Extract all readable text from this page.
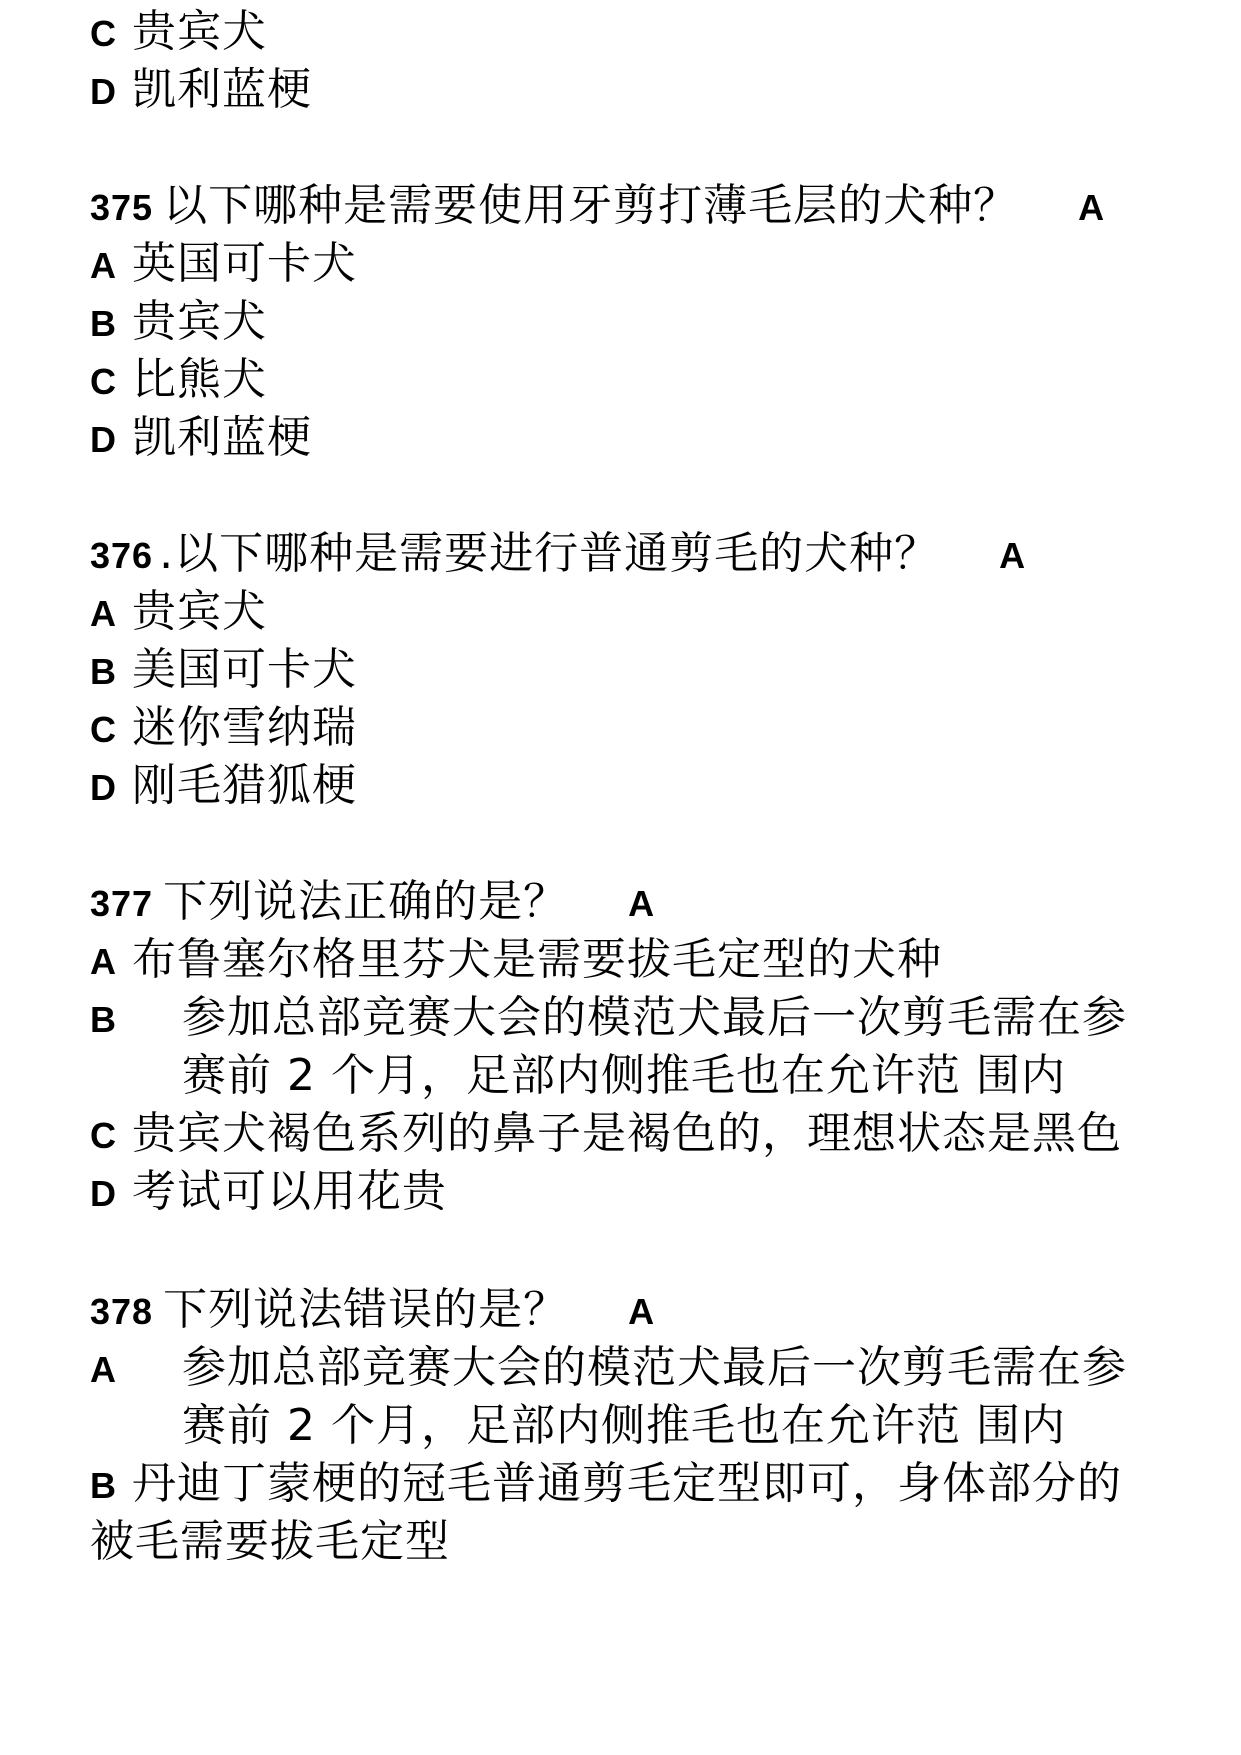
C 贵宾犬
D 凯利蓝梗
375 以下哪种是需要使用牙剪打薄毛层的犬种？ A
A 英国可卡犬
B 贵宾犬
C 比熊犬
D 凯利蓝梗
376 .以下哪种是需要进行普通剪毛的犬种？ A
A 贵宾犬
B 美国可卡犬
C 迷你雪纳瑞
D 刚毛猎狐梗
377 下列说法正确的是？ A
A 布鲁塞尔格里芬犬是需要拔毛定型的犬种
B 参加总部竞赛大会的模范犬最后一次剪毛需在参
赛前 2 个月，足部内侧推毛也在允许范 围内
C 贵宾犬褐色系列的鼻子是褐色的，理想状态是黑色
D 考试可以用花贵
378 下列说法错误的是？ A
A 参加总部竞赛大会的模范犬最后一次剪毛需在参
赛前 2 个月，足部内侧推毛也在允许范 围内
B 丹迪丁蒙梗的冠毛普通剪毛定型即可，身体部分的
被毛需要拔毛定型
